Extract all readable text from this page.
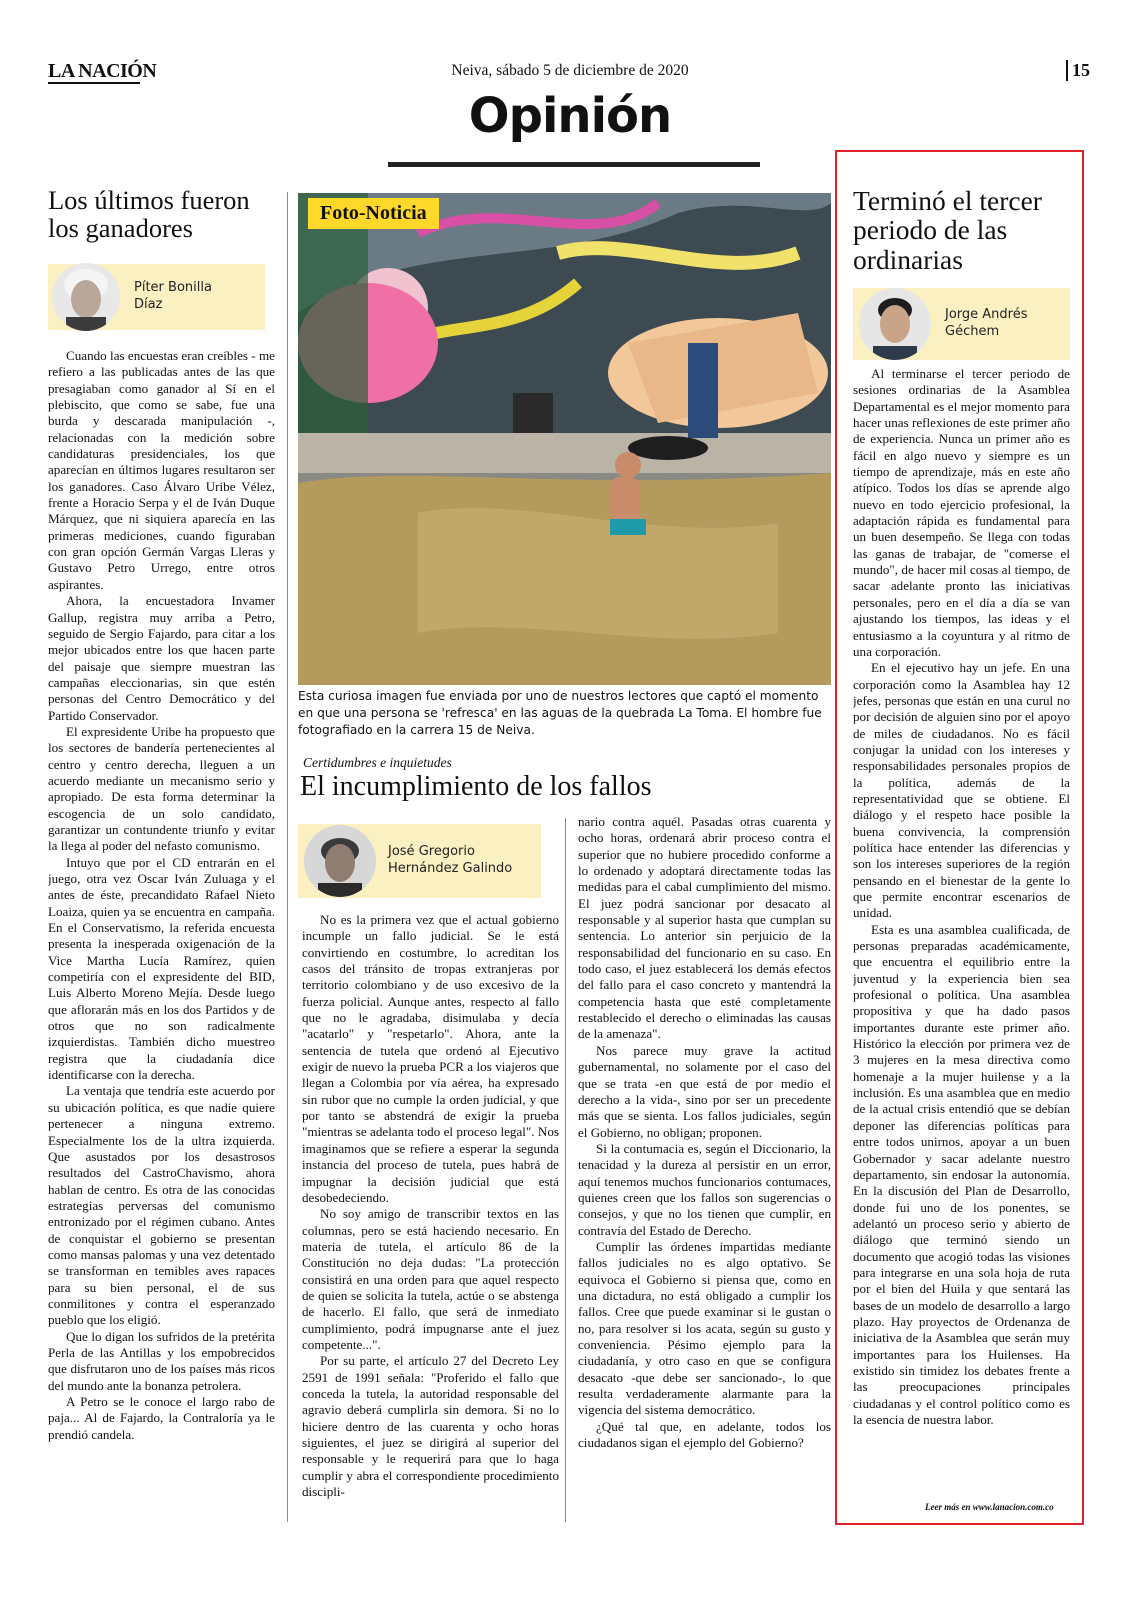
LA NACIÓN	Neiva, sábado 5 de diciembre de 2020	15
Opinión
Los últimos fueron los ganadores
Píter Bonilla Díaz

Cuando las encuestas eran creíbles - me refiero a las publicadas antes de las que presagiaban como ganador al Sí en el plebiscito, que como se sabe, fue una burda y descarada manipulación -, relacionadas con la medición sobre candidaturas presidenciales, los que aparecían en últimos lugares resultaron ser los ganadores. Caso Álvaro Uribe Vélez, frente a Horacio Serpa y el de Iván Duque Márquez, que ni siquiera aparecía en las primeras mediciones, cuando figuraban con gran opción Germán Vargas Lleras y Gustavo Petro Urrego, entre otros aspirantes.

Ahora, la encuestadora Invamer Gallup, registra muy arriba a Petro, seguido de Sergio Fajardo, para citar a los mejor ubicados entre los que hacen parte del paisaje que siempre muestran las campañas eleccionarias, sin que estén personas del Centro Democrático y del Partido Conservador.

El expresidente Uribe ha propuesto que los sectores de bandería pertenecientes al centro y centro derecha, lleguen a un acuerdo mediante un mecanismo serio y apropiado. De esta forma determinar la escogencia de un solo candidato, garantizar un contundente triunfo y evitar la llega al poder del nefasto comunismo.

Intuyo que por el CD entrarán en el juego, otra vez Oscar Iván Zuluaga y el antes de éste, precandidato Rafael Nieto Loaiza, quien ya se encuentra en campaña. En el Conservatismo, la referida encuesta presenta la inesperada oxigenación de la Vice Martha Lucía Ramírez, quien competiría con el expresidente del BID, Luis Alberto Moreno Mejía. Desde luego que aflorarán más en los dos Partidos y de otros que no son radicalmente izquierdistas. También dicho muestreo registra que la ciudadanía dice identificarse con la derecha.

La ventaja que tendría este acuerdo por su ubicación política, es que nadie quiere pertenecer a ninguna extremo. Especialmente los de la ultra izquierda. Que asustados por los desastrosos resultados del CastroChavismo, ahora hablan de centro. Es otra de las conocidas estrategias perversas del comunismo entronizado por el régimen cubano. Antes de conquistar el gobierno se presentan como mansas palomas y una vez detentado se transforman en temibles aves rapaces para su bien personal, el de sus conmilitones y contra el esperanzado pueblo que los eligió.

Que lo digan los sufridos de la pretérita Perla de las Antillas y los empobrecidos que disfrutaron uno de los países más ricos del mundo ante la bonanza petrolera.

A Petro se le conoce el largo rabo de paja... Al de Fajardo, la Contraloría ya le prendió candela.

Foto-Noticia
Esta curiosa imagen fue enviada por uno de nuestros lectores que captó el momento en que una persona se 'refresca' en las aguas de la quebrada La Toma. El hombre fue fotografiado en la carrera 15 de Neiva.
Certidumbres e inquietudes
El incumplimiento de los fallos
José Gregorio Hernández Galindo

No es la primera vez que el actual gobierno incumple un fallo judicial. Se le está convirtiendo en costumbre, lo acreditan los casos del tránsito de tropas extranjeras por territorio colombiano y de uso excesivo de la fuerza policial. Aunque antes, respecto al fallo que no le agradaba, disimulaba y decía "acatarlo" y "respetarlo". Ahora, ante la sentencia de tutela que ordenó al Ejecutivo exigir de nuevo la prueba PCR a los viajeros que llegan a Colombia por vía aérea, ha expresado sin rubor que no cumple la orden judicial, y que por tanto se abstendrá de exigir la prueba "mientras se adelanta todo el proceso legal". Nos imaginamos que se refiere a esperar la segunda instancia del proceso de tutela, pues habrá de impugnar la decisión judicial que está desobedeciendo.

No soy amigo de transcribir textos en las columnas, pero se está haciendo necesario. En materia de tutela, el artículo 86 de la Constitución no deja dudas: "La protección consistirá en una orden para que aquel respecto de quien se solicita la tutela, actúe o se abstenga de hacerlo. El fallo, que será de inmediato cumplimiento, podrá impugnarse ante el juez competente...".

Por su parte, el artículo 27 del Decreto Ley 2591 de 1991 señala: "Proferido el fallo que conceda la tutela, la autoridad responsable del agravio deberá cumplirla sin demora. Si no lo hiciere dentro de las cuarenta y ocho horas siguientes, el juez se dirigirá al superior del responsable y le requerirá para que lo haga cumplir y abra el correspondiente procedimiento discipli-

nario contra aquél. Pasadas otras cuarenta y ocho horas, ordenará abrir proceso contra el superior que no hubiere procedido conforme a lo ordenado y adoptará directamente todas las medidas para el cabal cumplimiento del mismo. El juez podrá sancionar por desacato al responsable y al superior hasta que cumplan su sentencia. Lo anterior sin perjuicio de la responsabilidad del funcionario en su caso. En todo caso, el juez establecerá los demás efectos del fallo para el caso concreto y mantendrá la competencia hasta que esté completamente restablecido el derecho o eliminadas las causas de la amenaza".

Nos parece muy grave la actitud gubernamental, no solamente por el caso del que se trata -en que está de por medio el derecho a la vida-, sino por ser un precedente más que se sienta. Los fallos judiciales, según el Gobierno, no obligan; proponen.

Si la contumacia es, según el Diccionario, la tenacidad y la dureza al persistir en un error, aquí tenemos muchos funcionarios contumaces, quienes creen que los fallos son sugerencias o consejos, y que no los tienen que cumplir, en contravía del Estado de Derecho.

Cumplir las órdenes impartidas mediante fallos judiciales no es algo optativo. Se equivoca el Gobierno si piensa que, como en una dictadura, no está obligado a cumplir los fallos. Cree que puede examinar si le gustan o no, para resolver si los acata, según su gusto y conveniencia. Pésimo ejemplo para la ciudadanía, y otro caso en que se configura desacato -que debe ser sancionado-, lo que resulta verdaderamente alarmante para la vigencia del sistema democrático.

¿Qué tal que, en adelante, todos los ciudadanos sigan el ejemplo del Gobierno?

Terminó el tercer periodo de las ordinarias
Jorge Andrés Géchem

Al terminarse el tercer periodo de sesiones ordinarias de la Asamblea Departamental es el mejor momento para hacer unas reflexiones de este primer año de experiencia. Nunca un primer año es fácil en algo nuevo y siempre es un tiempo de aprendizaje, más en este año atípico. Todos los días se aprende algo nuevo en todo ejercicio profesional, la adaptación rápida es fundamental para un buen desempeño. Se llega con todas las ganas de trabajar, de "comerse el mundo", de hacer mil cosas al tiempo, de sacar adelante pronto las iniciativas personales, pero en el día a día se van ajustando los tiempos, las ideas y el entusiasmo a la coyuntura y al ritmo de una corporación.

En el ejecutivo hay un jefe. En una corporación como la Asamblea hay 12 jefes, personas que están en una curul no por decisión de alguien sino por el apoyo de miles de ciudadanos. No es fácil conjugar la unidad con los intereses y responsabilidades personales propios de la política, además de la representatividad que se obtiene. El diálogo y el respeto hace posible la buena convivencia, la comprensión política hace entender las diferencias y son los intereses superiores de la región pensando en el bienestar de la gente lo que permite encontrar escenarios de unidad.

Esta es una asamblea cualificada, de personas preparadas académicamente, que encuentra el equilibrio entre la juventud y la experiencia bien sea profesional o política. Una asamblea propositiva y que ha dado pasos importantes durante este primer año. Histórico la elección por primera vez de 3 mujeres en la mesa directiva como homenaje a la mujer huilense y a la inclusión. Es una asamblea que en medio de la actual crisis entendió que se debían deponer las diferencias políticas para entre todos unirnos, apoyar a un buen Gobernador y sacar adelante nuestro departamento, sin endosar la autonomía. En la discusión del Plan de Desarrollo, donde fui uno de los ponentes, se adelantó un proceso serio y abierto de diálogo que terminó siendo un documento que acogió todas las visiones para integrarse en una sola hoja de ruta por el bien del Huila y que sentará las bases de un modelo de desarrollo a largo plazo. Hay proyectos de Ordenanza de iniciativa de la Asamblea que serán muy importantes para los Huilenses. Ha existido sin timidez los debates frente a las preocupaciones principales ciudadanas y el control político como es la esencia de nuestra labor.

Leer más en www.lanacion.com.co
